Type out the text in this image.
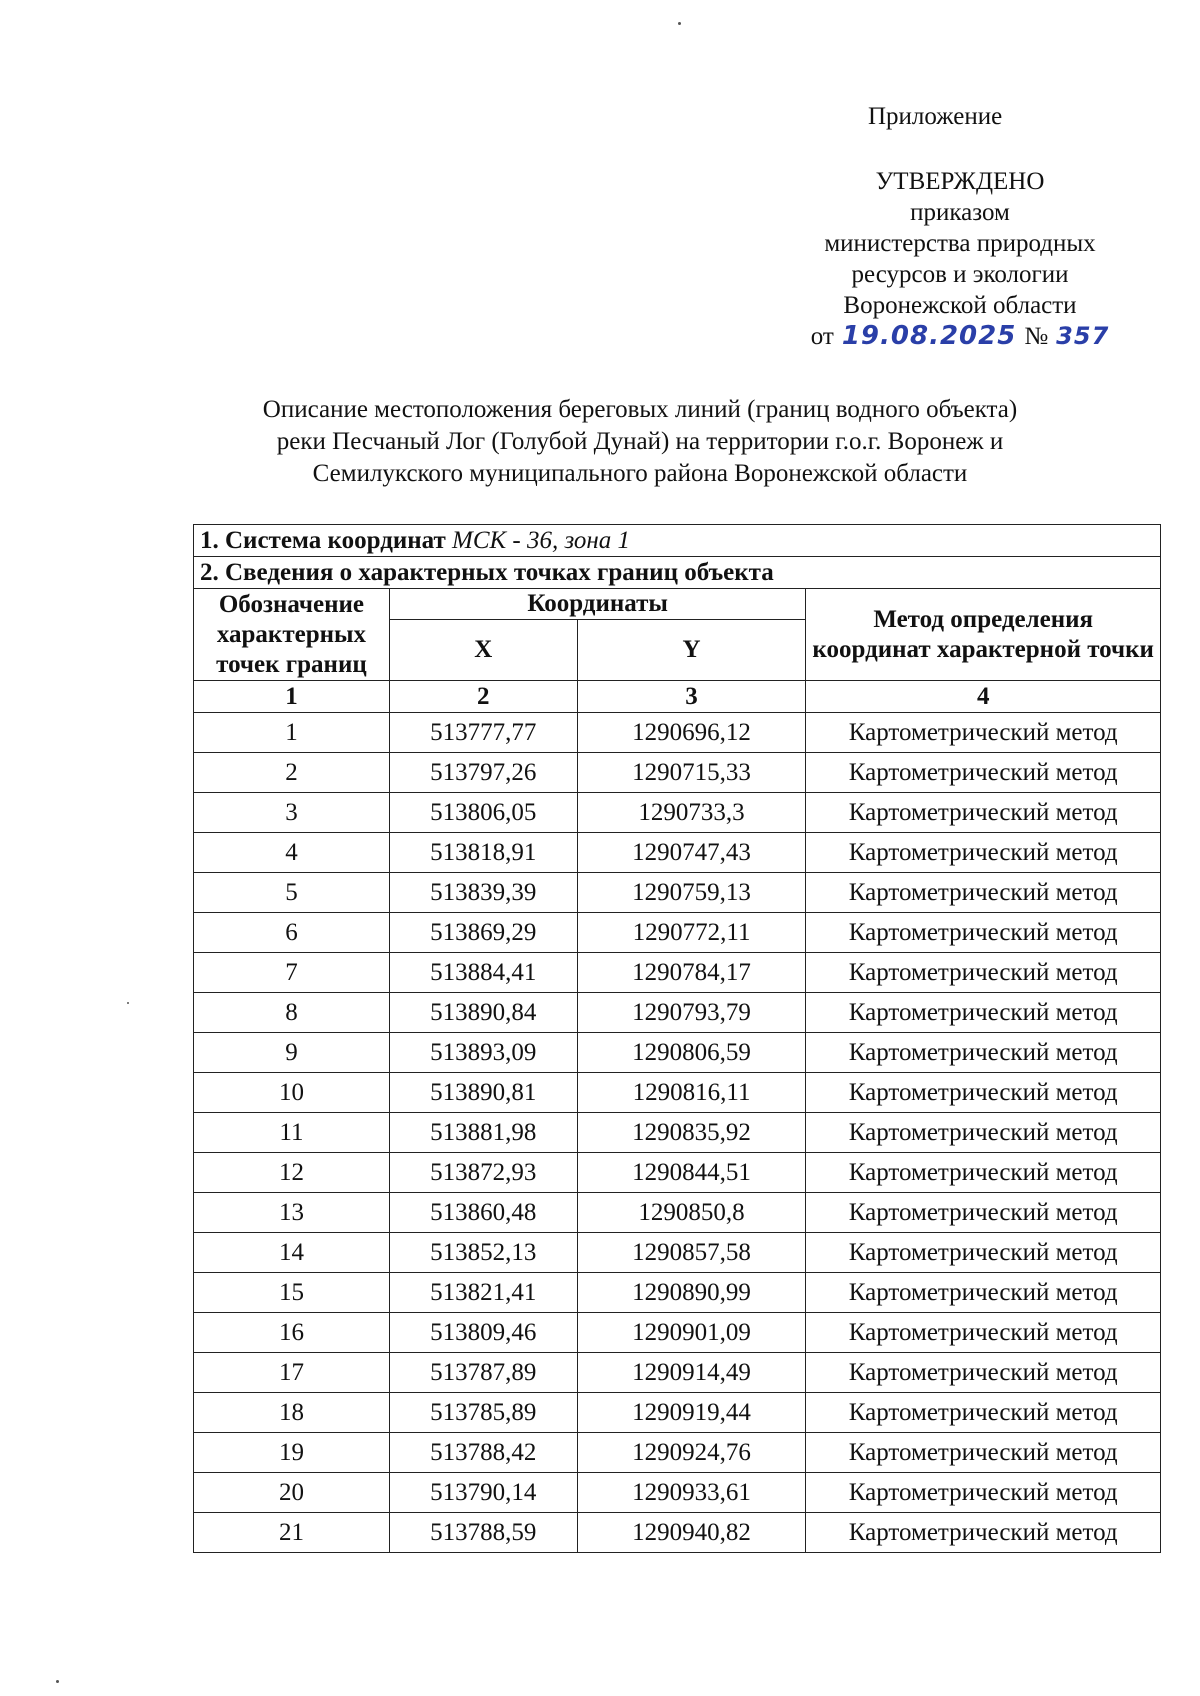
Приложение
УТВЕРЖДЕНО
приказом
министерства природных
ресурсов и экологии
Воронежской области
от 19.08.2025 № 357
Описание местоположения береговых линий (границ водного объекта)
реки Песчаный Лог (Голубой Дунай) на территории г.о.г. Воронеж и
Семилукского муниципального района Воронежской области
1. Система координат МСК - 36, зона 1			
2. Сведения о характерных точках границ объекта			
Обозначение характерных точек границ	Координаты		Метод определения координат характерной точки
	X	Y	
1	2	3	4
1	513777,77	1290696,12	Картометрический метод
2	513797,26	1290715,33	Картометрический метод
3	513806,05	1290733,3	Картометрический метод
4	513818,91	1290747,43	Картометрический метод
5	513839,39	1290759,13	Картометрический метод
6	513869,29	1290772,11	Картометрический метод
7	513884,41	1290784,17	Картометрический метод
8	513890,84	1290793,79	Картометрический метод
9	513893,09	1290806,59	Картометрический метод
10	513890,81	1290816,11	Картометрический метод
11	513881,98	1290835,92	Картометрический метод
12	513872,93	1290844,51	Картометрический метод
13	513860,48	1290850,8	Картометрический метод
14	513852,13	1290857,58	Картометрический метод
15	513821,41	1290890,99	Картометрический метод
16	513809,46	1290901,09	Картометрический метод
17	513787,89	1290914,49	Картометрический метод
18	513785,89	1290919,44	Картометрический метод
19	513788,42	1290924,76	Картометрический метод
20	513790,14	1290933,61	Картометрический метод
21	513788,59	1290940,82	Картометрический метод
